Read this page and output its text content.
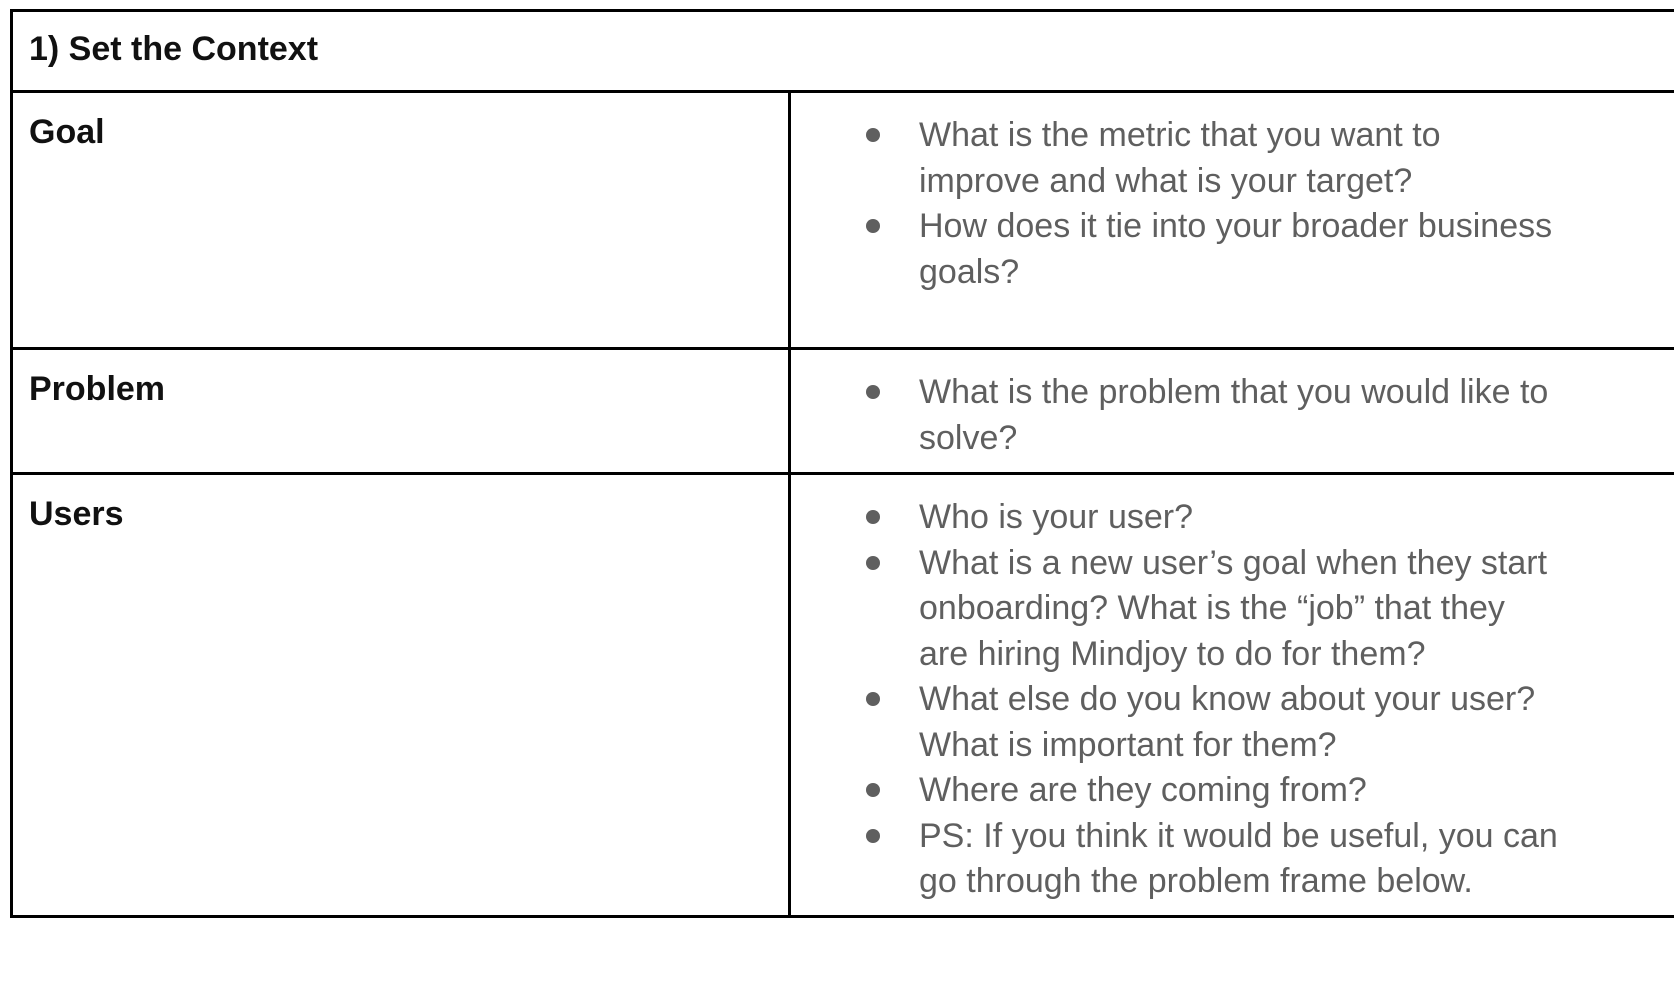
1) Set the Context
Goal	What is the metric that you want to improve and what is your target?
How does it tie into your broader business goals?
Problem	What is the problem that you would like to solve?
Users	Who is your user?
What is a new user’s goal when they start onboarding? What is the “job” that they are hiring Mindjoy to do for them?
What else do you know about your user? What is important for them?
Where are they coming from?
PS: If you think it would be useful, you can go through the problem frame below.
